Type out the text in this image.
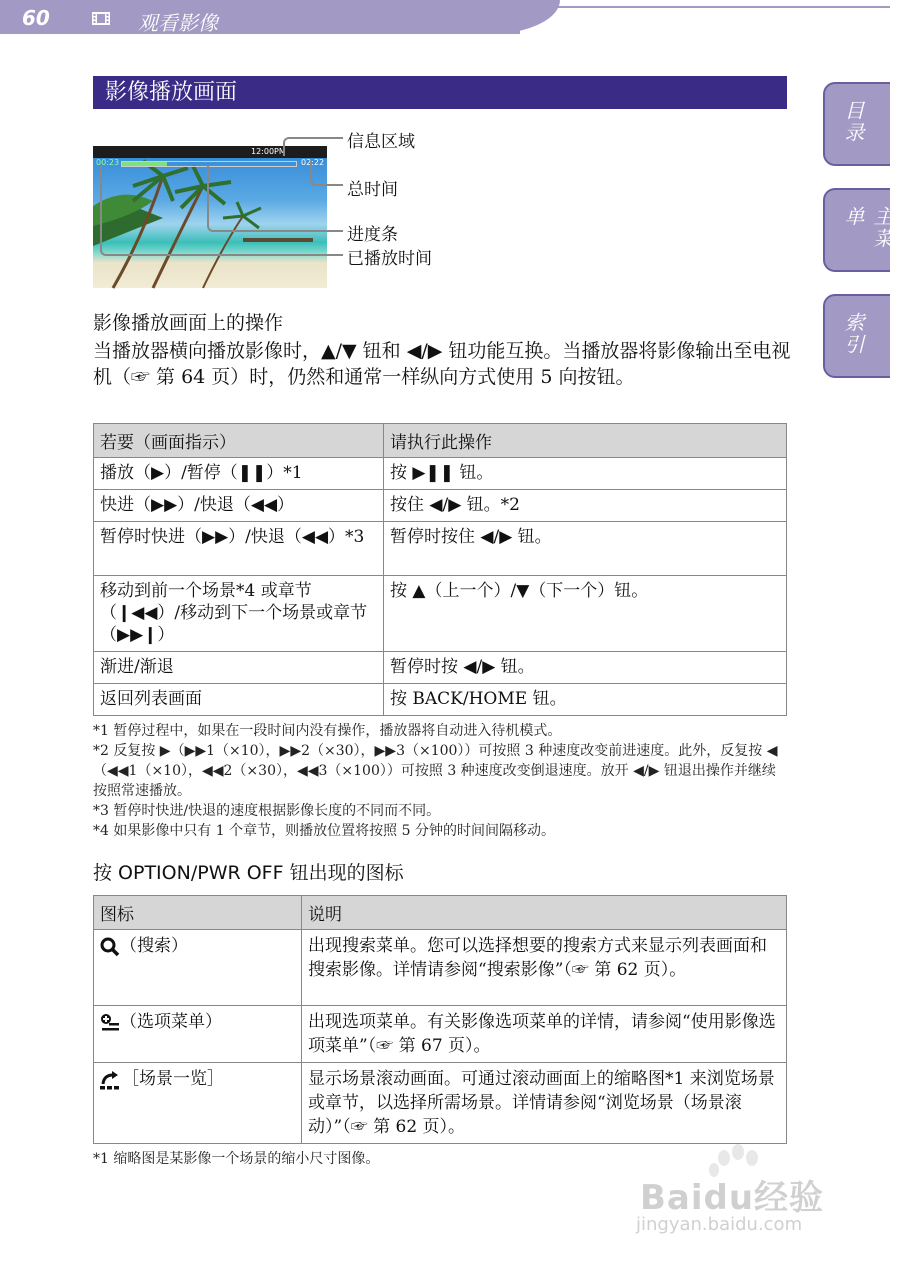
60	观看影像
目录
主菜单
索引
影像播放画面
12:00PM
00:23	02:22
信息区域
总时间
进度条
已播放时间
影像播放画面上的操作
当播放器横向播放影像时，▲/▼ 钮和 ◀/▶ 钮功能互换。当播放器将影像输出至电视机（☞ 第 64 页）时，仍然和通常一样纵向方式使用 5 向按钮。
若要（画面指示）	请执行此操作
播放（▶）/暂停（❚❚）*1	按 ▶❚❚ 钮。
快进（▶▶）/快退（◀◀）	按住 ◀/▶ 钮。*2
暂停时快进（▶▶）/快退（◀◀）*3	暂停时按住 ◀/▶ 钮。
移动到前一个场景*4 或章节（❙◀◀）/移动到下一个场景或章节（▶▶❙）	按 ▲（上一个）/▼（下一个）钮。
渐进/渐退	暂停时按 ◀/▶ 钮。
返回列表画面	按 BACK/HOME 钮。
*1 暂停过程中，如果在一段时间内没有操作，播放器将自动进入待机模式。
*2 反复按 ▶（▶▶1（×10），▶▶2（×30），▶▶3（×100））可按照 3 种速度改变前进速度。此外，反复按 ◀（◀◀1（×10），◀◀2（×30），◀◀3（×100））可按照 3 种速度改变倒退速度。放开 ◀/▶ 钮退出操作并继续按照常速播放。
*3 暂停时快进/快退的速度根据影像长度的不同而不同。
*4 如果影像中只有 1 个章节，则播放位置将按照 5 分钟的时间间隔移动。
按 OPTION/PWR OFF 钮出现的图标
图标	说明
（搜索）	出现搜索菜单。您可以选择想要的搜索方式来显示列表画面和搜索影像。详情请参阅“搜索影像”（☞ 第 62 页）。
（选项菜单）	出现选项菜单。有关影像选项菜单的详情，请参阅“使用影像选项菜单”（☞ 第 67 页）。
［场景一览］	显示场景滚动画面。可通过滚动画面上的缩略图*1 来浏览场景或章节，以选择所需场景。详情请参阅“浏览场景（场景滚动）”（☞ 第 62 页）。
*1 缩略图是某影像一个场景的缩小尺寸图像。
Baidu经验
jingyan.baidu.com
